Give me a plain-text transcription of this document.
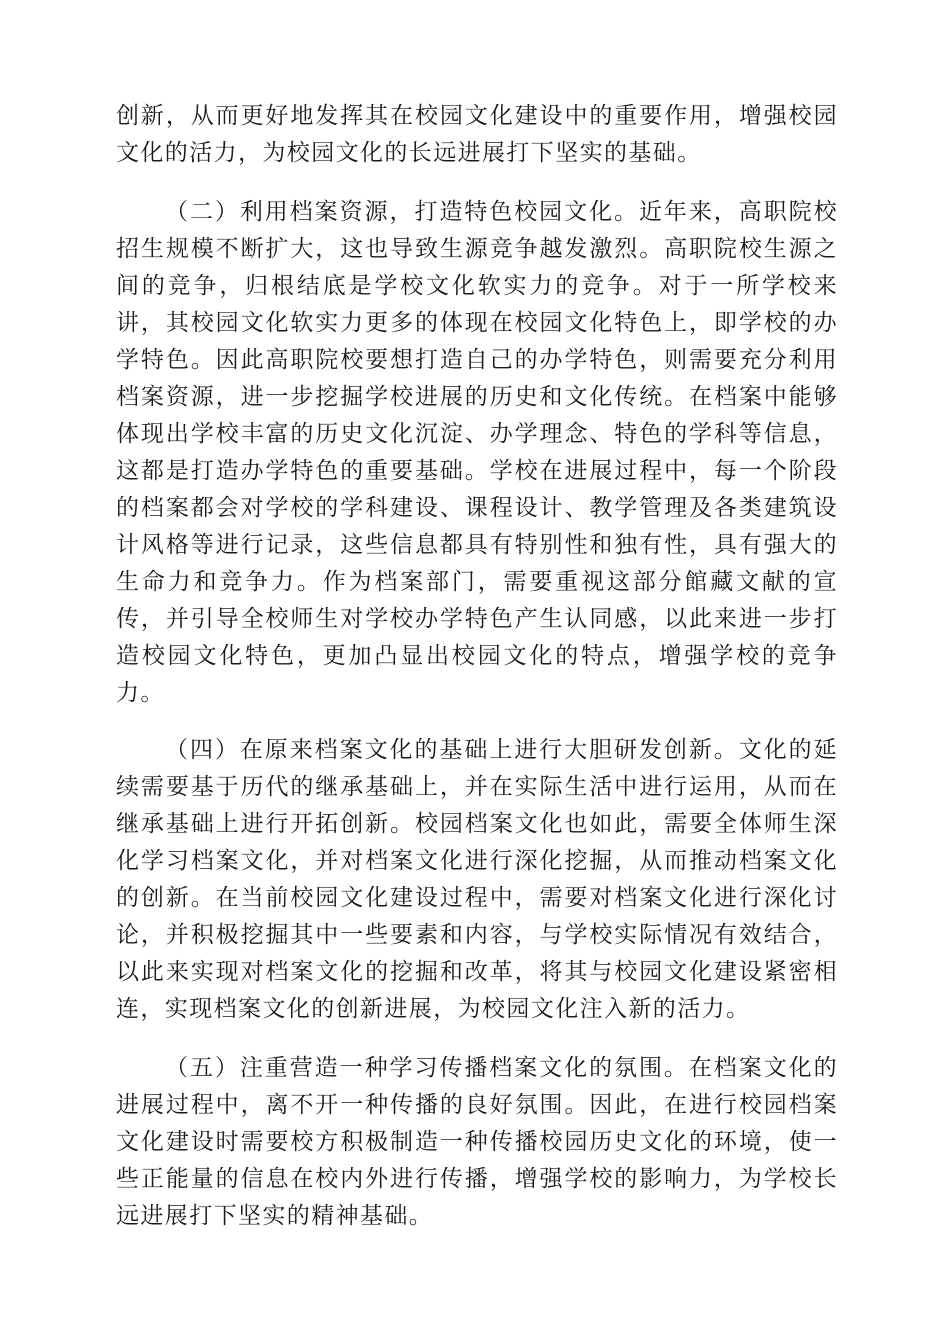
创新，从而更好地发挥其在校园文化建设中的重要作用，增强校园文化的活力，为校园文化的长远进展打下坚实的基础。

（二）利用档案资源，打造特色校园文化。近年来，高职院校招生规模不断扩大，这也导致生源竞争越发激烈。高职院校生源之间的竞争，归根结底是学校文化软实力的竞争。对于一所学校来讲，其校园文化软实力更多的体现在校园文化特色上，即学校的办学特色。因此高职院校要想打造自己的办学特色，则需要充分利用档案资源，进一步挖掘学校进展的历史和文化传统。在档案中能够体现出学校丰富的历史文化沉淀、办学理念、特色的学科等信息，这都是打造办学特色的重要基础。学校在进展过程中，每一个阶段的档案都会对学校的学科建设、课程设计、教学管理及各类建筑设计风格等进行记录，这些信息都具有特别性和独有性，具有强大的生命力和竞争力。作为档案部门，需要重视这部分館藏文献的宣传，并引导全校师生对学校办学特色产生认同感，以此来进一步打造校园文化特色，更加凸显出校园文化的特点，增强学校的竞争力。

（四）在原来档案文化的基础上进行大胆研发创新。文化的延续需要基于历代的继承基础上，并在实际生活中进行运用，从而在继承基础上进行开拓创新。校园档案文化也如此，需要全体师生深化学习档案文化，并对档案文化进行深化挖掘，从而推动档案文化的创新。在当前校园文化建设过程中，需要对档案文化进行深化讨论，并积极挖掘其中一些要素和内容，与学校实际情况有效结合，以此来实现对档案文化的挖掘和改革，将其与校园文化建设紧密相连，实现档案文化的创新进展，为校园文化注入新的活力。

（五）注重营造一种学习传播档案文化的氛围。在档案文化的进展过程中，离不开一种传播的良好氛围。因此，在进行校园档案文化建设时需要校方积极制造一种传播校园历史文化的环境，使一些正能量的信息在校内外进行传播，增强学校的影响力，为学校长远进展打下坚实的精神基础。
